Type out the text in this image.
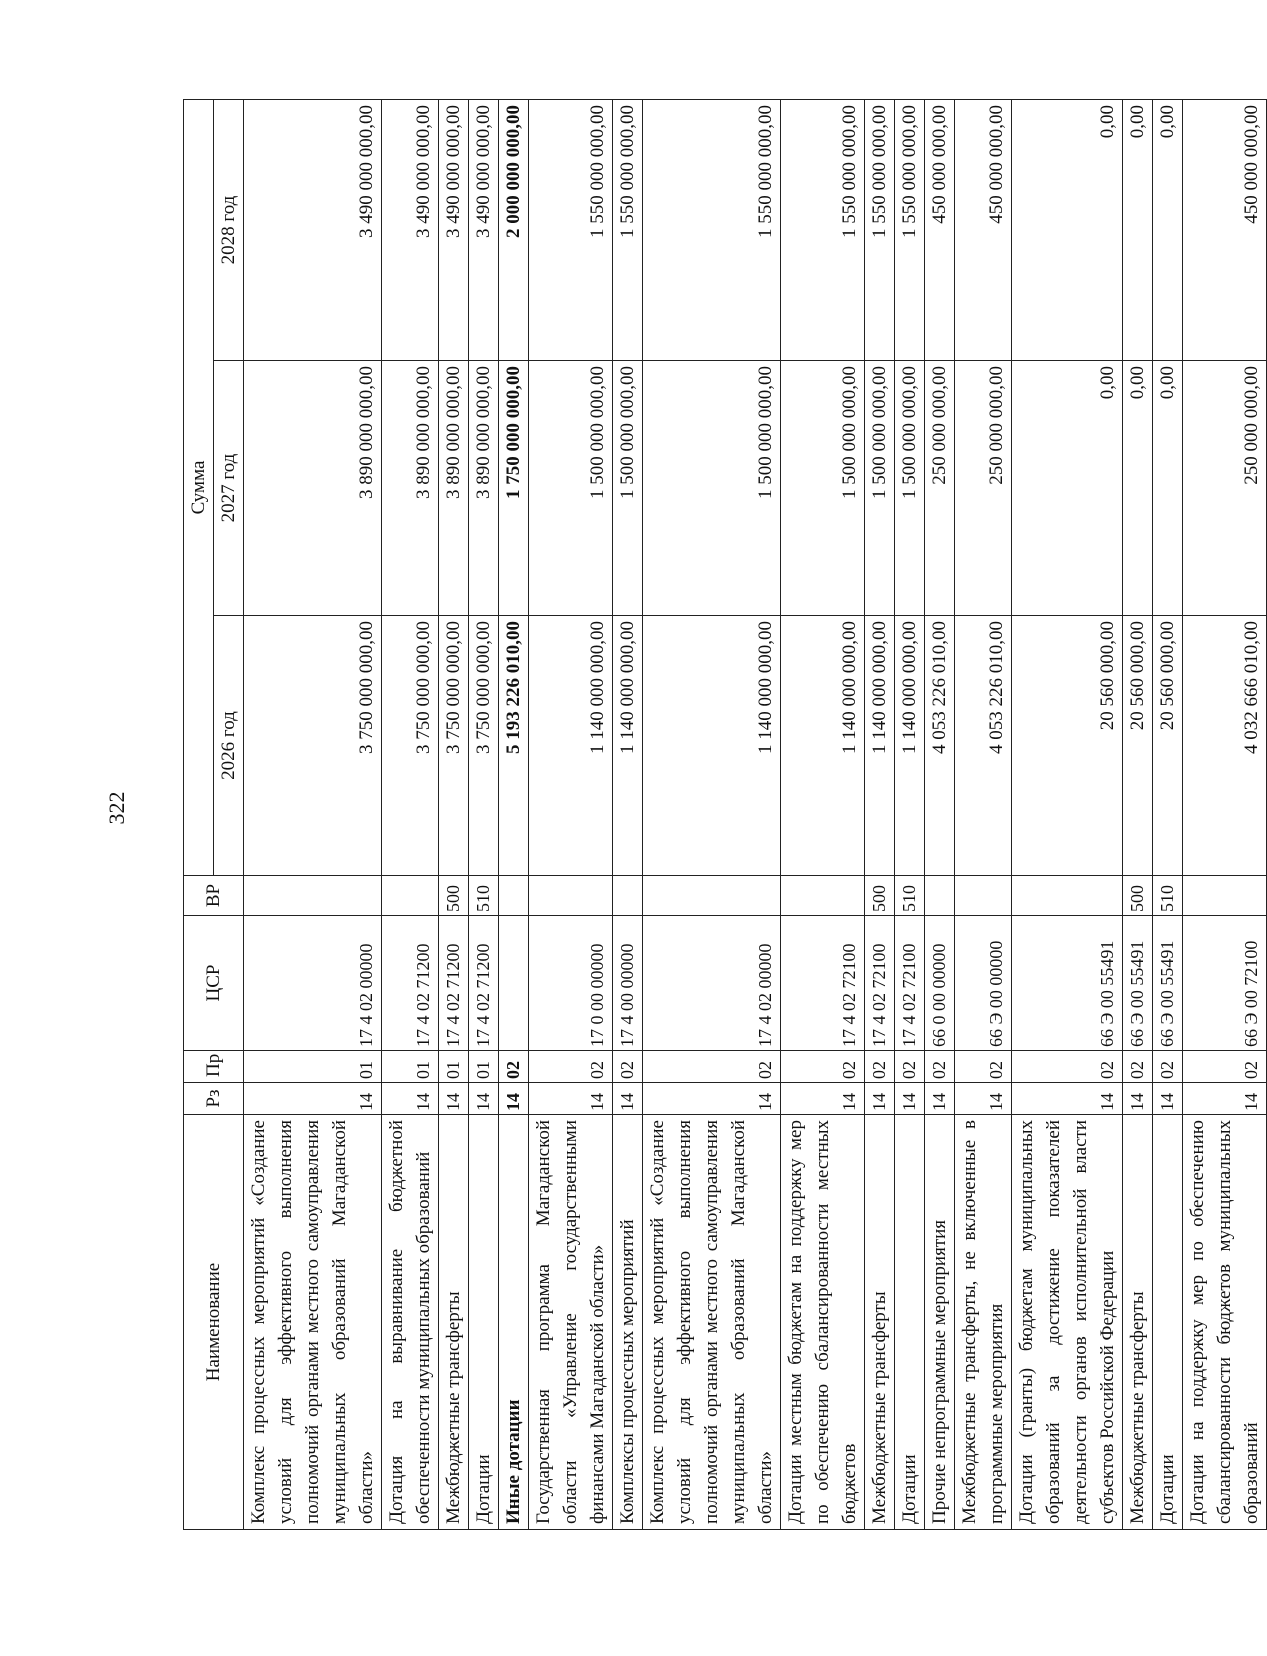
322
Наименование	Рз	Пр	ЦСР	ВР	Сумма		
					2026 год	2027 год	2028 год
Комплекс процессных мероприятий «Создание условий для эффективного выполнения полномочий органами местного самоуправления муниципальных образований Магаданской области»	14	01	17 4 02 00000		3 750 000 000,00	3 890 000 000,00	3 490 000 000,00
Дотация на выравнивание бюджетной обеспеченности муниципальных образований	14	01	17 4 02 71200		3 750 000 000,00	3 890 000 000,00	3 490 000 000,00
Межбюджетные трансферты	14	01	17 4 02 71200	500	3 750 000 000,00	3 890 000 000,00	3 490 000 000,00
Дотации	14	01	17 4 02 71200	510	3 750 000 000,00	3 890 000 000,00	3 490 000 000,00
Иные дотации	14	02			5 193 226 010,00	1 750 000 000,00	2 000 000 000,00
Государственная программа Магаданской области «Управление государственными финансами Магаданской области»	14	02	17 0 00 00000		1 140 000 000,00	1 500 000 000,00	1 550 000 000,00
Комплексы процессных мероприятий	14	02	17 4 00 00000		1 140 000 000,00	1 500 000 000,00	1 550 000 000,00
Комплекс процессных мероприятий «Создание условий для эффективного выполнения полномочий органами местного самоуправления муниципальных образований Магаданской области»	14	02	17 4 02 00000		1 140 000 000,00	1 500 000 000,00	1 550 000 000,00
Дотации местным бюджетам на поддержку мер по обеспечению сбалансированности местных бюджетов	14	02	17 4 02 72100		1 140 000 000,00	1 500 000 000,00	1 550 000 000,00
Межбюджетные трансферты	14	02	17 4 02 72100	500	1 140 000 000,00	1 500 000 000,00	1 550 000 000,00
Дотации	14	02	17 4 02 72100	510	1 140 000 000,00	1 500 000 000,00	1 550 000 000,00
Прочие непрограммные мероприятия	14	02	66 0 00 00000		4 053 226 010,00	250 000 000,00	450 000 000,00
Межбюджетные трансферты, не включенные в программные мероприятия	14	02	66 Э 00 00000		4 053 226 010,00	250 000 000,00	450 000 000,00
Дотации (гранты) бюджетам муниципальных образований за достижение показателей деятельности органов исполнительной власти субъектов Российской Федерации	14	02	66 Э 00 55491		20 560 000,00	0,00	0,00
Межбюджетные трансферты	14	02	66 Э 00 55491	500	20 560 000,00	0,00	0,00
Дотации	14	02	66 Э 00 55491	510	20 560 000,00	0,00	0,00
Дотации на поддержку мер по обеспечению сбалансированности бюджетов муниципальных образований	14	02	66 Э 00 72100		4 032 666 010,00	250 000 000,00	450 000 000,00
